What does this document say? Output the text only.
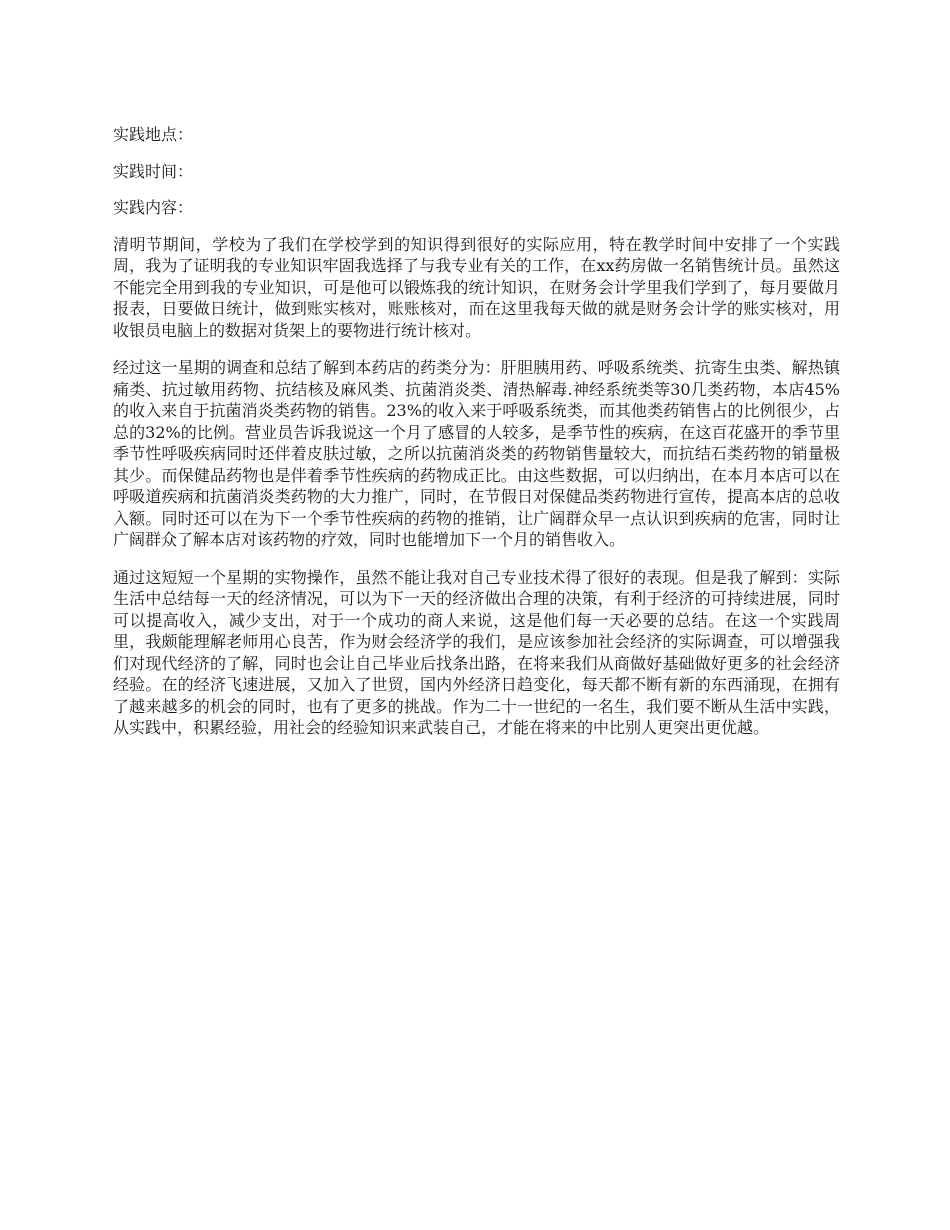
实践地点：

实践时间：

实践内容：

清明节期间，学校为了我们在学校学到的知识得到很好的实际应用，特在教学时间中安排了一个实践周，我为了证明我的专业知识牢固我选择了与我专业有关的工作，在xx药房做一名销售统计员。虽然这不能完全用到我的专业知识，可是他可以锻炼我的统计知识，在财务会计学里我们学到了，每月要做月报表，日要做日统计，做到账实核对，账账核对，而在这里我每天做的就是财务会计学的账实核对，用收银员电脑上的数据对货架上的要物进行统计核对。

经过这一星期的调查和总结了解到本药店的药类分为：肝胆胰用药、呼吸系统类、抗寄生虫类、解热镇痛类、抗过敏用药物、抗结核及麻风类、抗菌消炎类、清热解毒.神经系统类等30几类药物，本店45%的收入来自于抗菌消炎类药物的销售。23%的收入来于呼吸系统类，而其他类药销售占的比例很少，占总的32%的比例。营业员告诉我说这一个月了感冒的人较多，是季节性的疾病，在这百花盛开的季节里季节性呼吸疾病同时还伴着皮肤过敏，之所以抗菌消炎类的药物销售量较大，而抗结石类药物的销量极其少。而保健品药物也是伴着季节性疾病的药物成正比。由这些数据，可以归纳出，在本月本店可以在呼吸道疾病和抗菌消炎类药物的大力推广，同时，在节假日对保健品类药物进行宣传，提高本店的总收入额。同时还可以在为下一个季节性疾病的药物的推销，让广阔群众早一点认识到疾病的危害，同时让广阔群众了解本店对该药物的疗效，同时也能增加下一个月的销售收入。

通过这短短一个星期的实物操作，虽然不能让我对自己专业技术得了很好的表现。但是我了解到：实际生活中总结每一天的经济情况，可以为下一天的经济做出合理的决策，有利于经济的可持续进展，同时可以提高收入，减少支出，对于一个成功的商人来说，这是他们每一天必要的总结。在这一个实践周里，我颇能理解老师用心良苦，作为财会经济学的我们，是应该参加社会经济的实际调查，可以增强我们对现代经济的了解，同时也会让自己毕业后找条出路，在将来我们从商做好基础做好更多的社会经济经验。在的经济飞速进展，又加入了世贸，国内外经济日趋变化，每天都不断有新的东西涌现，在拥有了越来越多的机会的同时，也有了更多的挑战。作为二十一世纪的一名生，我们要不断从生活中实践，从实践中，积累经验，用社会的经验知识来武装自己，才能在将来的中比别人更突出更优越。
